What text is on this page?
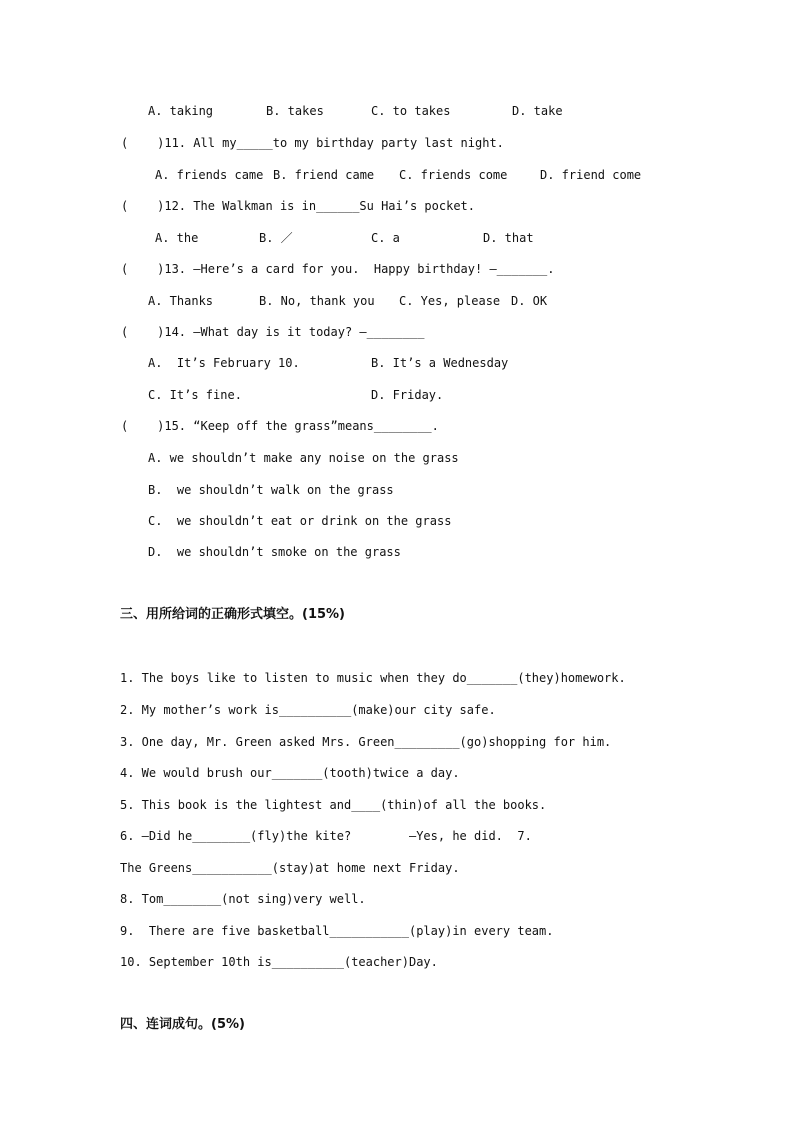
A. taking	B. takes	C. to takes	D. take
(    )11. All my_____to my birthday party last night.
A. friends came B. friend came C. friends come	D. friend come
(    )12. The Walkman is in______Su Hai’s pocket.
A. the	B. ／	C. a	D. that
(    )13. —Here’s a card for you.  Happy birthday! —_______.
A. Thanks	B. No, thank you C. Yes, please D. OK
(    )14. —What day is it today? —________
A.  It’s February 10.	B. It’s a Wednesday
C. It’s fine.	D. Friday.
(    )15. “Keep off the grass”means________.
A. we shouldn’t make any noise on the grass
B.  we shouldn’t walk on the grass
C.  we shouldn’t eat or drink on the grass
D.  we shouldn’t smoke on the grass
三、用所给词的正确形式填空。(15%)
1. The boys like to listen to music when they do_______(they)homework.
2. My mother’s work is__________(make)our city safe.
3. One day, Mr. Green asked Mrs. Green_________(go)shopping for him.
4. We would brush our_______(tooth)twice a day.
5. This book is the lightest and____(thin)of all the books.
6. —Did he________(fly)the kite?        —Yes, he did.  7.
The Greens___________(stay)at home next Friday.
8. Tom________(not sing)very well.
9.  There are five basketball___________(play)in every team.
10. September 10th is__________(teacher)Day.
四、连词成句。(5%)
